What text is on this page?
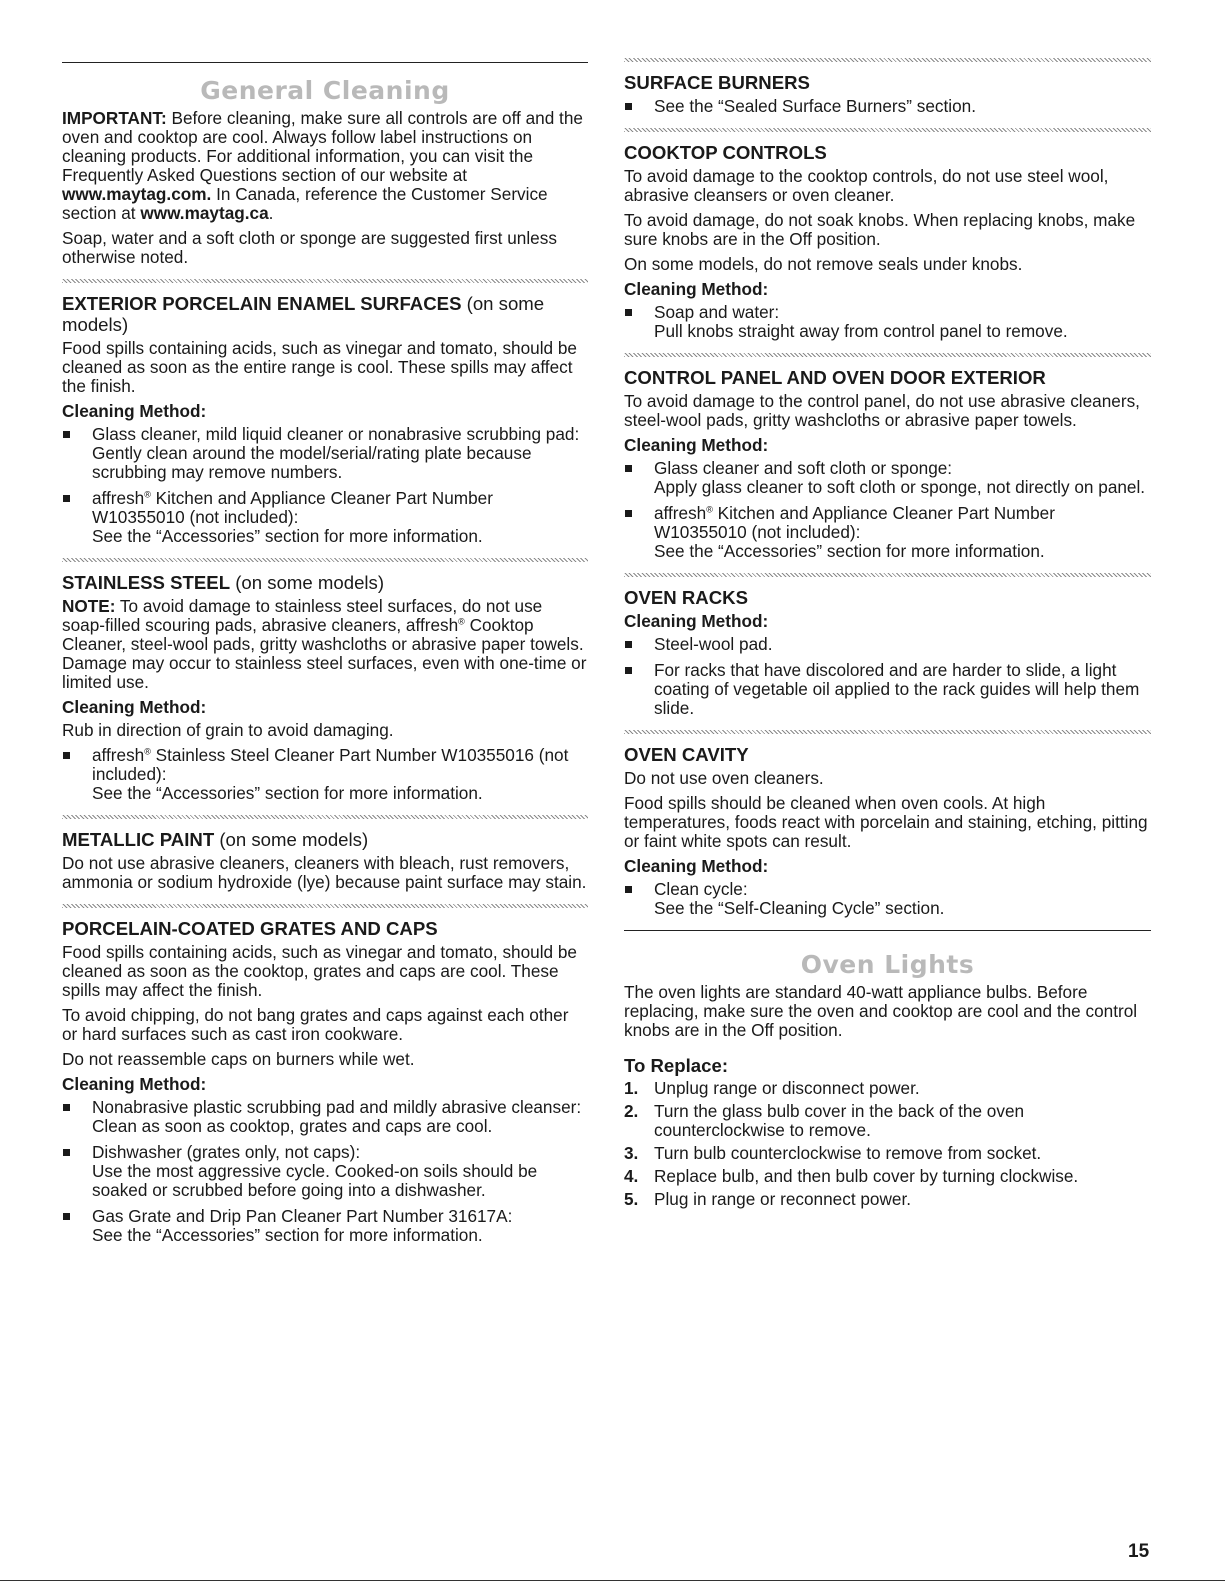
General Cleaning

IMPORTANT: Before cleaning, make sure all controls are off and the oven and cooktop are cool. Always follow label instructions on cleaning products. For additional information, you can visit the Frequently Asked Questions section of our website at www.maytag.com. In Canada, reference the Customer Service section at www.maytag.ca.

Soap, water and a soft cloth or sponge are suggested first unless otherwise noted.

EXTERIOR PORCELAIN ENAMEL SURFACES (on some models)

Food spills containing acids, such as vinegar and tomato, should be cleaned as soon as the entire range is cool. These spills may affect the finish.

Cleaning Method:
Glass cleaner, mild liquid cleaner or nonabrasive scrubbing pad:
Gently clean around the model/serial/rating plate because scrubbing may remove numbers.
affresh® Kitchen and Appliance Cleaner Part Number W10355010 (not included):
See the “Accessories” section for more information.
STAINLESS STEEL (on some models)

NOTE: To avoid damage to stainless steel surfaces, do not use soap-filled scouring pads, abrasive cleaners, affresh® Cooktop Cleaner, steel-wool pads, gritty washcloths or abrasive paper towels. Damage may occur to stainless steel surfaces, even with one-time or limited use.

Cleaning Method:

Rub in direction of grain to avoid damaging.

affresh® Stainless Steel Cleaner Part Number W10355016 (not included):
See the “Accessories” section for more information.
METALLIC PAINT (on some models)

Do not use abrasive cleaners, cleaners with bleach, rust removers, ammonia or sodium hydroxide (lye) because paint surface may stain.

PORCELAIN-COATED GRATES AND CAPS

Food spills containing acids, such as vinegar and tomato, should be cleaned as soon as the cooktop, grates and caps are cool. These spills may affect the finish.

To avoid chipping, do not bang grates and caps against each other or hard surfaces such as cast iron cookware.

Do not reassemble caps on burners while wet.

Cleaning Method:
Nonabrasive plastic scrubbing pad and mildly abrasive cleanser:
Clean as soon as cooktop, grates and caps are cool.
Dishwasher (grates only, not caps):
Use the most aggressive cycle. Cooked-on soils should be soaked or scrubbed before going into a dishwasher.
Gas Grate and Drip Pan Cleaner Part Number 31617A:
See the “Accessories” section for more information.
SURFACE BURNERS
See the “Sealed Surface Burners” section.
COOKTOP CONTROLS

To avoid damage to the cooktop controls, do not use steel wool, abrasive cleansers or oven cleaner.

To avoid damage, do not soak knobs. When replacing knobs, make sure knobs are in the Off position.

On some models, do not remove seals under knobs.

Cleaning Method:
Soap and water:
Pull knobs straight away from control panel to remove.
CONTROL PANEL AND OVEN DOOR EXTERIOR

To avoid damage to the control panel, do not use abrasive cleaners, steel-wool pads, gritty washcloths or abrasive paper towels.

Cleaning Method:
Glass cleaner and soft cloth or sponge:
Apply glass cleaner to soft cloth or sponge, not directly on panel.
affresh® Kitchen and Appliance Cleaner Part Number W10355010 (not included):
See the “Accessories” section for more information.
OVEN RACKS
Cleaning Method:
Steel-wool pad.
For racks that have discolored and are harder to slide, a light coating of vegetable oil applied to the rack guides will help them slide.
OVEN CAVITY

Do not use oven cleaners.

Food spills should be cleaned when oven cools. At high temperatures, foods react with porcelain and staining, etching, pitting or faint white spots can result.

Cleaning Method:
Clean cycle:
See the “Self-Cleaning Cycle” section.
Oven Lights

The oven lights are standard 40-watt appliance bulbs. Before replacing, make sure the oven and cooktop are cool and the control knobs are in the Off position.

To Replace:
1. Unplug range or disconnect power.
2. Turn the glass bulb cover in the back of the oven counterclockwise to remove.
3. Turn bulb counterclockwise to remove from socket.
4. Replace bulb, and then bulb cover by turning clockwise.
5. Plug in range or reconnect power.
15
